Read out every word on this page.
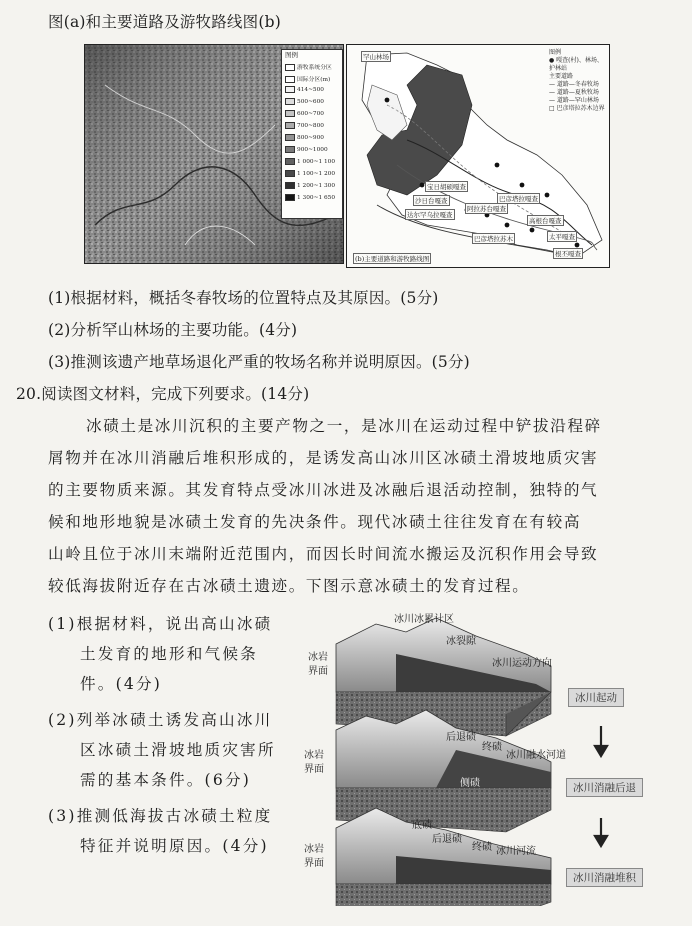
图(a)和主要道路及游牧路线图(b)
图例
游牧系统分区
国际分区(m)
414~500
500~600
600~700
700~800
800~900
900~1000
1 000~1 100
1 100~1 200
1 200~1 300
1 300~1 650
图例
● 嘎查(村)、林场、
护林站
主要道路
— 道路—冬春牧场
— 道路—夏秋牧场
— 道路—罕山林场
□ 巴彦塔拉苏木边界
罕山林场
罕山
宝日胡硕嘎查
沙日台嘎查	巴彦塔拉嘎查
达尔罕乌拉嘎查
高根台嘎查
阿拉苏台嘎查
太平嘎查
巴彦塔拉苏木
根丕嘎查
(b)主要道路和游牧路线图
(1)根据材料，概括冬春牧场的位置特点及其原因。(5分)
(2)分析罕山林场的主要功能。(4分)
(3)推测该遗产地草场退化严重的牧场名称并说明原因。(5分)
20.阅读图文材料，完成下列要求。(14分)
冰碛土是冰川沉积的主要产物之一，是冰川在运动过程中铲拔沿程碎
屑物并在冰川消融后堆积形成的，是诱发高山冰川区冰碛土滑坡地质灾害
的主要物质来源。其发育特点受冰川冰进及冰融后退活动控制，独特的气
候和地形地貌是冰碛土发育的先决条件。现代冰碛土往往发育在有较高
山岭且位于冰川末端附近范围内，而因长时间流水搬运及沉积作用会导致
较低海拔附近存在古冰碛土遗迹。下图示意冰碛土的发育过程。
(1)根据材料，说出高山冰碛
土发育的地形和气候条
件。(4分)
(2)列举冰碛土诱发高山冰川
区冰碛土滑坡地质灾害所
需的基本条件。(6分)
(3)推测低海拔古冰碛土粒度
特征并说明原因。(4分)
冰川冰累计区
冰裂隙
冰岩
界面
冰川运动方向
后退碛
终碛
冰岩
界面
冰川融水河道
侧碛
底碛
后退碛
终碛
冰岩
界面
冰川河流
冰川起动
冰川消融后退
冰川消融堆积
